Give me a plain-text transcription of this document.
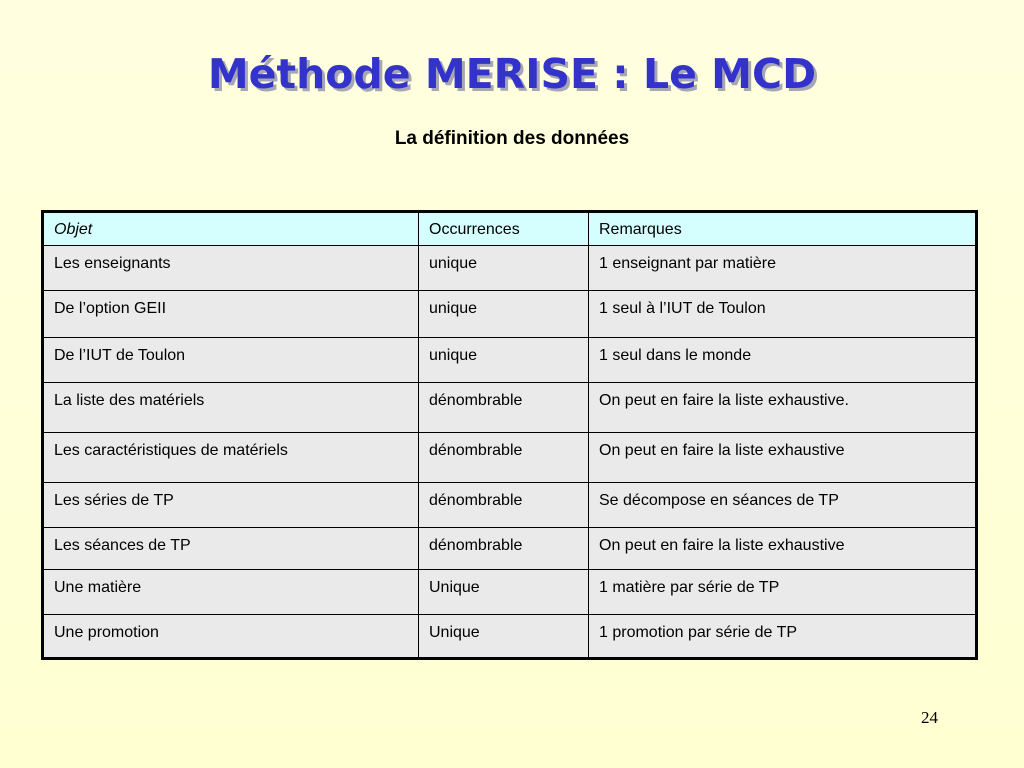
Méthode MERISE : Le MCD

La définition des données

Objet	Occurrences	Remarques
Les enseignants	unique	1 enseignant par matière
De l’option GEII	unique	1 seul à l’IUT de Toulon
De l’IUT de Toulon	unique	1 seul dans le monde
La liste des matériels	dénombrable	On peut en faire la liste exhaustive.
Les caractéristiques de matériels	dénombrable	On peut en faire la liste exhaustive
Les séries de TP	dénombrable	Se décompose en séances de TP
Les séances de TP	dénombrable	On peut en faire la liste exhaustive
Une matière	Unique	1 matière par série de TP
Une promotion	Unique	1 promotion par série de TP
24
